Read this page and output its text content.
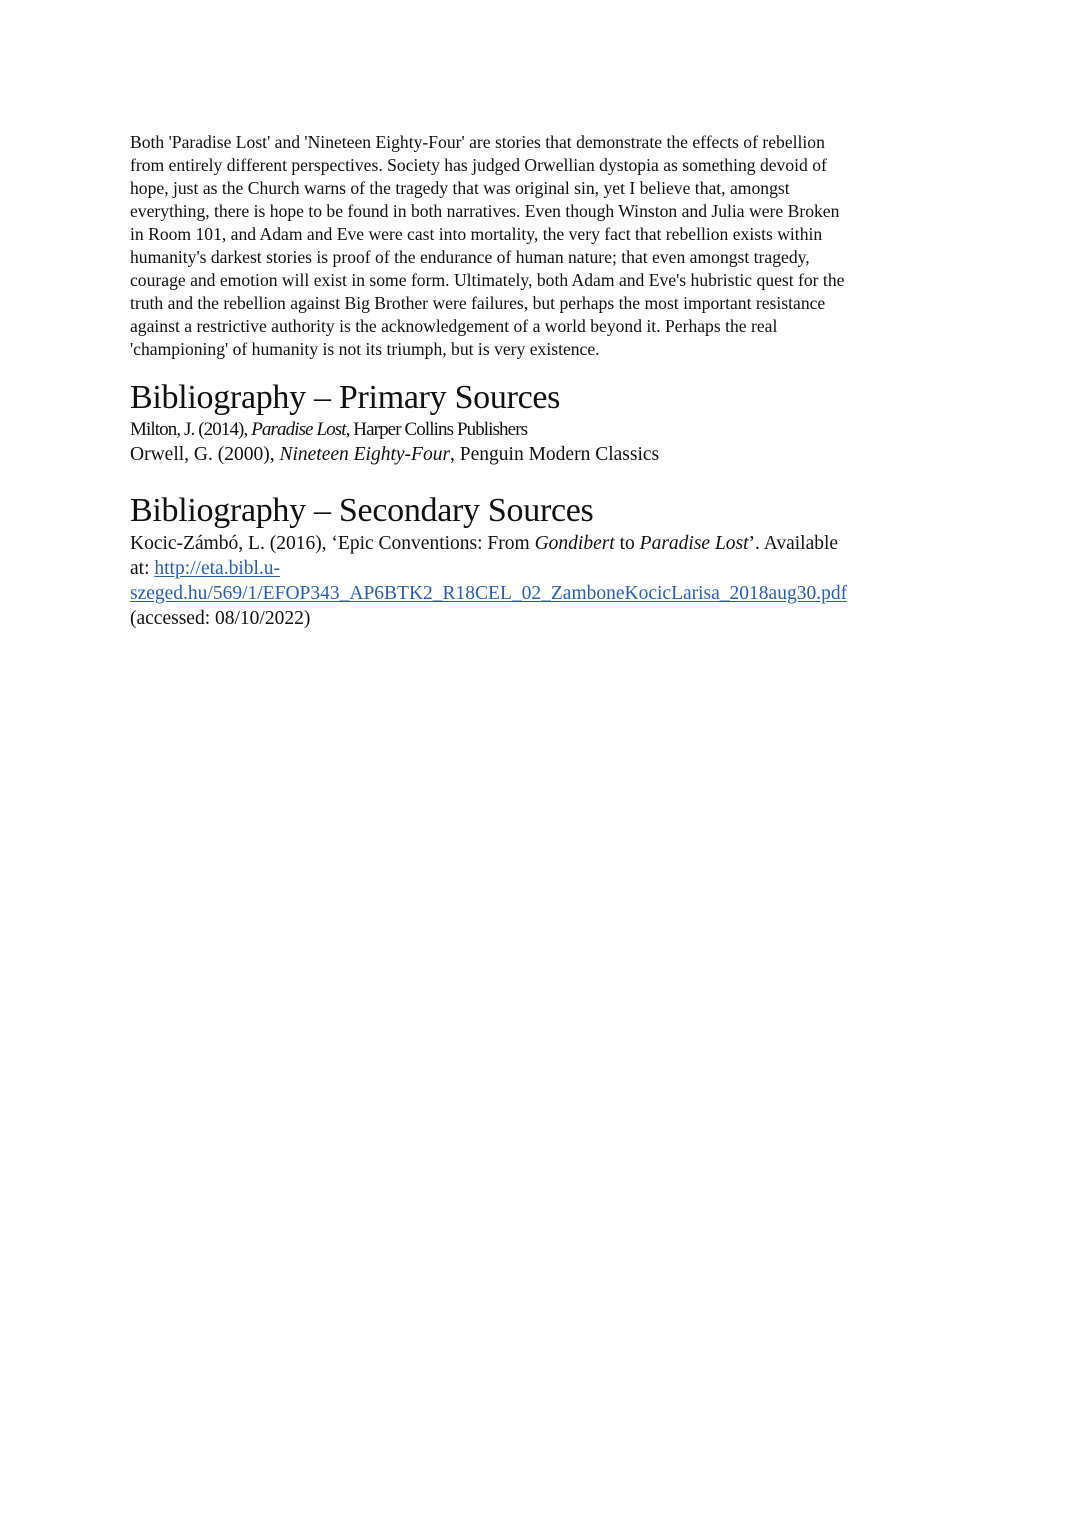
Both 'Paradise Lost' and 'Nineteen Eighty-Four' are stories that demonstrate the effects of rebellion
from entirely different perspectives. Society has judged Orwellian dystopia as something devoid of
hope, just as the Church warns of the tragedy that was original sin, yet I believe that, amongst
everything, there is hope to be found in both narratives. Even though Winston and Julia were Broken
in Room 101, and Adam and Eve were cast into mortality, the very fact that rebellion exists within
humanity's darkest stories is proof of the endurance of human nature; that even amongst tragedy,
courage and emotion will exist in some form. Ultimately, both Adam and Eve's hubristic quest for the
truth and the rebellion against Big Brother were failures, but perhaps the most important resistance
against a restrictive authority is the acknowledgement of a world beyond it. Perhaps the real
'championing' of humanity is not its triumph, but is very existence.

Bibliography – Primary Sources

Milton, J. (2014), Paradise Lost, Harper Collins Publishers

Orwell, G. (2000), Nineteen Eighty-Four, Penguin Modern Classics

Bibliography – Secondary Sources
Kocic-Zámbó, L. (2016), ‘Epic Conventions: From Gondibert to Paradise Lost’. Available
at: http://eta.bibl.u-
szeged.hu/569/1/EFOP343_AP6BTK2_R18CEL_02_ZamboneKocicLarisa_2018aug30.pdf
(accessed: 08/10/2022)
